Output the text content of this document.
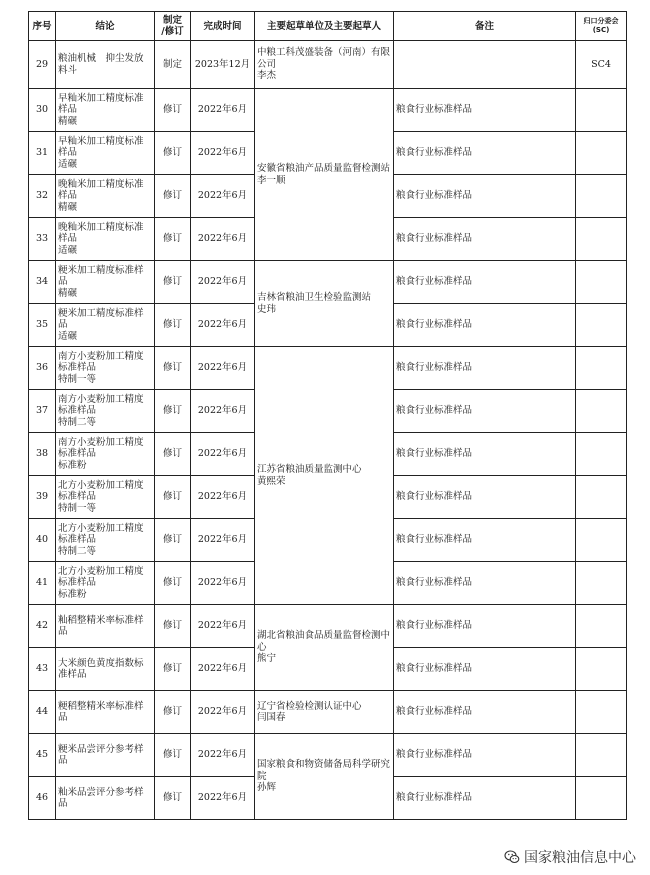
序号	结论	制定
/修订	完成时间	主要起草单位及主要起草人	备注	归口分委会
(SC)
29	粮油机械　抑尘发放料斗	制定	2023年12月	中粮工科茂盛装备（河南）有限公司
李杰		SC4
30	早籼米加工精度标准样品
精碾	修订	2022年6月	安徽省粮油产品质量监督检测站
李一顺	粮食行业标准样品	
31	早籼米加工精度标准样品
适碾	修订	2022年6月		粮食行业标准样品	
32	晚籼米加工精度标准样品
精碾	修订	2022年6月		粮食行业标准样品	
33	晚籼米加工精度标准样品
适碾	修订	2022年6月		粮食行业标准样品	
34	粳米加工精度标准样品
精碾	修订	2022年6月	吉林省粮油卫生检验监测站
史玮	粮食行业标准样品	
35	粳米加工精度标准样品
适碾	修订	2022年6月		粮食行业标准样品	
36	南方小麦粉加工精度标准样品
特制一等	修订	2022年6月	江苏省粮油质量监测中心
黄熙荣	粮食行业标准样品	
37	南方小麦粉加工精度标准样品
特制二等	修订	2022年6月		粮食行业标准样品	
38	南方小麦粉加工精度标准样品
标准粉	修订	2022年6月		粮食行业标准样品	
39	北方小麦粉加工精度标准样品
特制一等	修订	2022年6月		粮食行业标准样品	
40	北方小麦粉加工精度标准样品
特制二等	修订	2022年6月		粮食行业标准样品	
41	北方小麦粉加工精度标准样品
标准粉	修订	2022年6月		粮食行业标准样品	
42	籼稻整精米率标准样品	修订	2022年6月	湖北省粮油食品质量监督检测中心
熊宁	粮食行业标准样品	
43	大米颜色黄度指数标准样品	修订	2022年6月		粮食行业标准样品	
44	粳稻整精米率标准样品	修订	2022年6月	辽宁省检验检测认证中心
闫国春	粮食行业标准样品	
45	粳米品尝评分参考样品	修订	2022年6月	国家粮食和物资储备局科学研究院
孙辉	粮食行业标准样品	
46	籼米品尝评分参考样品	修订	2022年6月		粮食行业标准样品	
国家粮油信息中心
